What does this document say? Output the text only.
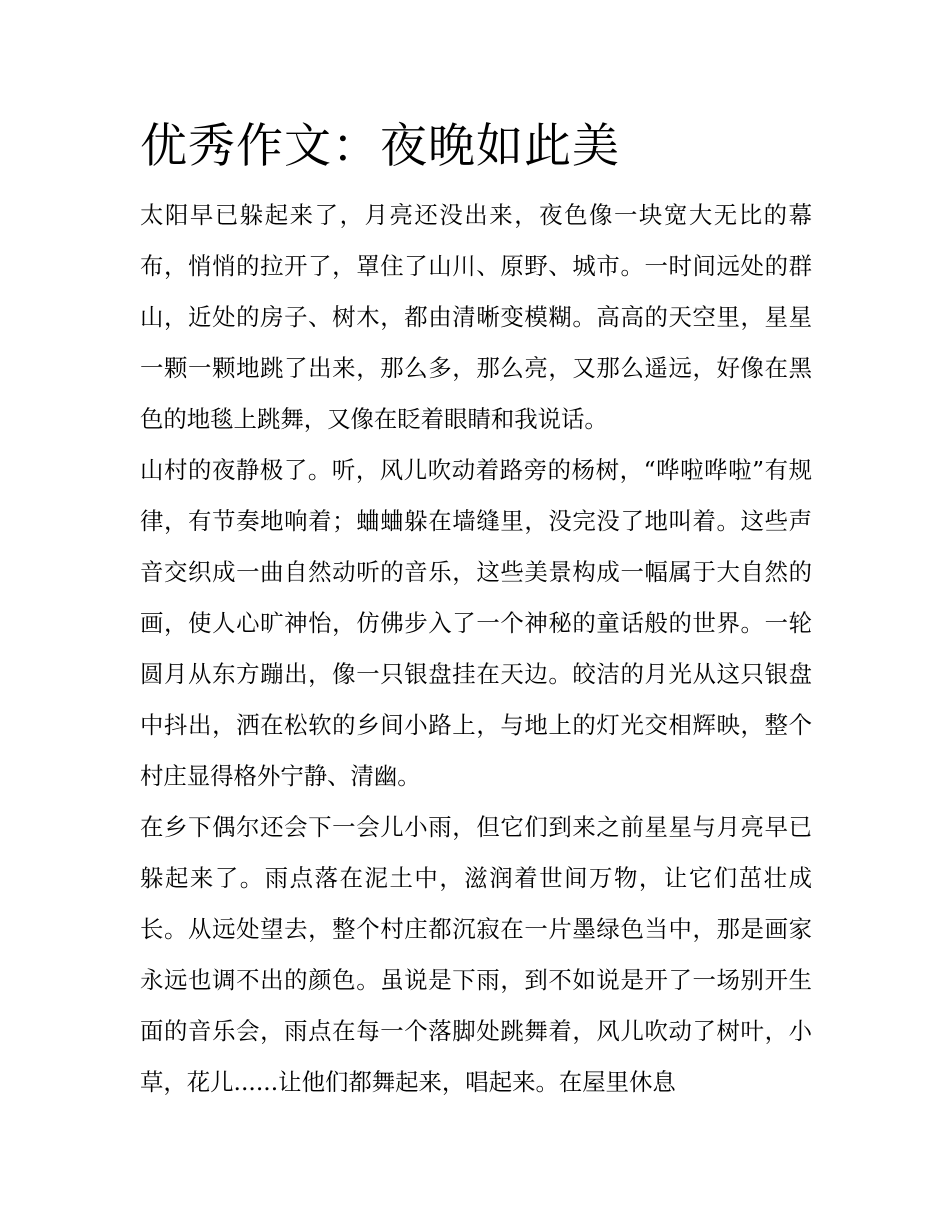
优秀作文：夜晚如此美

太阳早已躲起来了，月亮还没出来，夜色像一块宽大无比的幕布，悄悄的拉开了，罩住了山川、原野、城市。一时间远处的群山，近处的房子、树木，都由清晰变模糊。高高的天空里，星星一颗一颗地跳了出来，那么多，那么亮，又那么遥远，好像在黑色的地毯上跳舞，又像在眨着眼睛和我说话。

山村的夜静极了。听，风儿吹动着路旁的杨树，“哗啦哗啦”有规律，有节奏地响着；蛐蛐躲在墙缝里，没完没了地叫着。这些声音交织成一曲自然动听的音乐，这些美景构成一幅属于大自然的画，使人心旷神怡，仿佛步入了一个神秘的童话般的世界。一轮圆月从东方蹦出，像一只银盘挂在天边。皎洁的月光从这只银盘中抖出，洒在松软的乡间小路上，与地上的灯光交相辉映，整个村庄显得格外宁静、清幽。

在乡下偶尔还会下一会儿小雨，但它们到来之前星星与月亮早已躲起来了。雨点落在泥土中，滋润着世间万物，让它们茁壮成长。从远处望去，整个村庄都沉寂在一片墨绿色当中，那是画家永远也调不出的颜色。虽说是下雨，到不如说是开了一场别开生面的音乐会，雨点在每一个落脚处跳舞着，风儿吹动了树叶，小草，花儿......让他们都舞起来，唱起来。在屋里休息
